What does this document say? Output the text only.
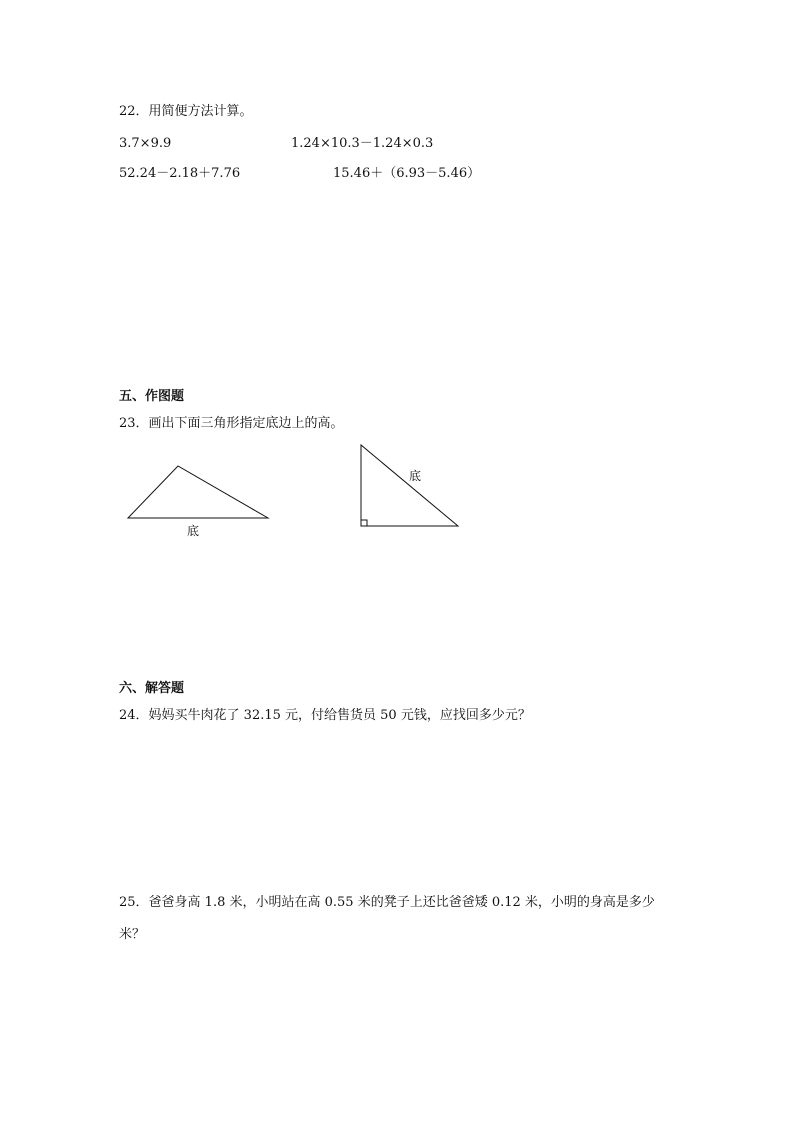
22．用简便方法计算。
3.7×9.9	1.24×10.3－1.24×0.3
52.24－2.18＋7.76	15.46＋（6.93－5.46）
五、作图题
23．画出下面三角形指定底边上的高。
底
底
六、解答题
24．妈妈买牛肉花了 32.15 元，付给售货员 50 元钱，应找回多少元？
25．爸爸身高 1.8 米，小明站在高 0.55 米的凳子上还比爸爸矮 0.12 米，小明的身高是多少
米？
